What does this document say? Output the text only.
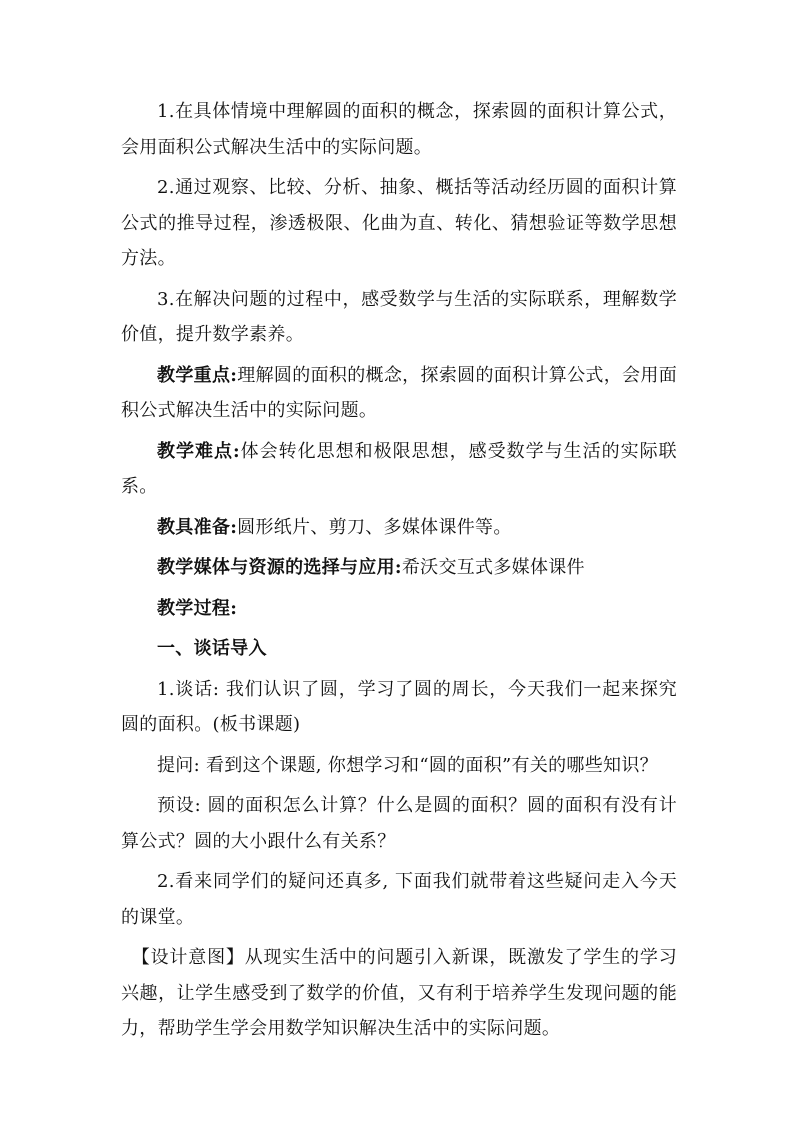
1.在具体情境中理解圆的面积的概念，探索圆的面积计算公式，会用面积公式解决生活中的实际问题。

2.通过观察、比较、分析、抽象、概括等活动经历圆的面积计算公式的推导过程，渗透极限、化曲为直、转化、猜想验证等数学思想方法。

3.在解决问题的过程中，感受数学与生活的实际联系，理解数学价值，提升数学素养。

教学重点:理解圆的面积的概念，探索圆的面积计算公式，会用面积公式解决生活中的实际问题。

教学难点:体会转化思想和极限思想，感受数学与生活的实际联系。

教具准备:圆形纸片、剪刀、多媒体课件等。

教学媒体与资源的选择与应用:希沃交互式多媒体课件

教学过程:

一、谈话导入

1.谈话: 我们认识了圆，学习了圆的周长，今天我们一起来探究圆的面积。(板书课题)

提问: 看到这个课题, 你想学习和“圆的面积”有关的哪些知识？

预设: 圆的面积怎么计算？什么是圆的面积？圆的面积有没有计算公式？圆的大小跟什么有关系？

2.看来同学们的疑问还真多, 下面我们就带着这些疑问走入今天的课堂。

【设计意图】从现实生活中的问题引入新课，既激发了学生的学习兴趣，让学生感受到了数学的价值，又有利于培养学生发现问题的能力，帮助学生学会用数学知识解决生活中的实际问题。
